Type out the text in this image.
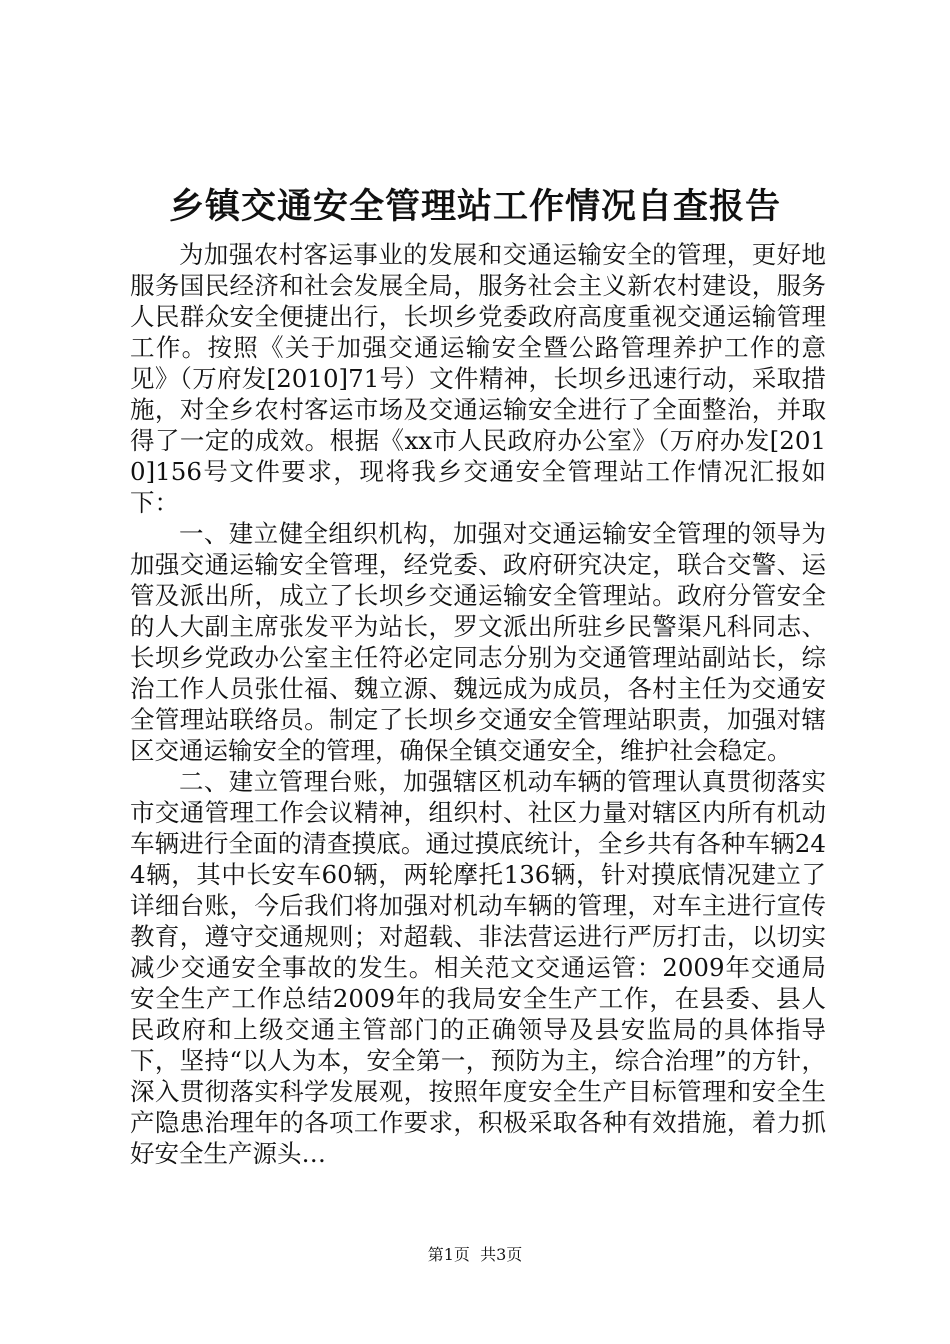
乡镇交通安全管理站工作情况自查报告

为加强农村客运事业的发展和交通运输安全的管理，更好地服务国民经济和社会发展全局，服务社会主义新农村建设，服务人民群众安全便捷出行，长坝乡党委政府高度重视交通运输管理工作。按照《关于加强交通运输安全暨公路管理养护工作的意见》（万府发[2010]71号）文件精神，长坝乡迅速行动，采取措施，对全乡农村客运市场及交通运输安全进行了全面整治，并取得了一定的成效。根据《xx市人民政府办公室》（万府办发[2010]156号文件要求，现将我乡交通安全管理站工作情况汇报如下：

一、建立健全组织机构，加强对交通运输安全管理的领导为加强交通运输安全管理，经党委、政府研究决定，联合交警、运管及派出所，成立了长坝乡交通运输安全管理站。政府分管安全的人大副主席张发平为站长，罗文派出所驻乡民警渠凡科同志、长坝乡党政办公室主任符必定同志分别为交通管理站副站长，综治工作人员张仕福、魏立源、魏远成为成员，各村主任为交通安全管理站联络员。制定了长坝乡交通安全管理站职责，加强对辖区交通运输安全的管理，确保全镇交通安全，维护社会稳定。

二、建立管理台账，加强辖区机动车辆的管理认真贯彻落实市交通管理工作会议精神，组织村、社区力量对辖区内所有机动车辆进行全面的清查摸底。通过摸底统计，全乡共有各种车辆244辆，其中长安车60辆，两轮摩托136辆，针对摸底情况建立了详细台账，今后我们将加强对机动车辆的管理，对车主进行宣传教育，遵守交通规则；对超载、非法营运进行严厉打击，以切实减少交通安全事故的发生。相关范文交通运管：2009年交通局安全生产工作总结2009年的我局安全生产工作，在县委、县人民政府和上级交通主管部门的正确领导及县安监局的具体指导下，坚持“以人为本，安全第一，预防为主，综合治理”的方针，深入贯彻落实科学发展观，按照年度安全生产目标管理和安全生产隐患治理年的各项工作要求，积极采取各种有效措施，着力抓好安全生产源头…

第1页  共3页
